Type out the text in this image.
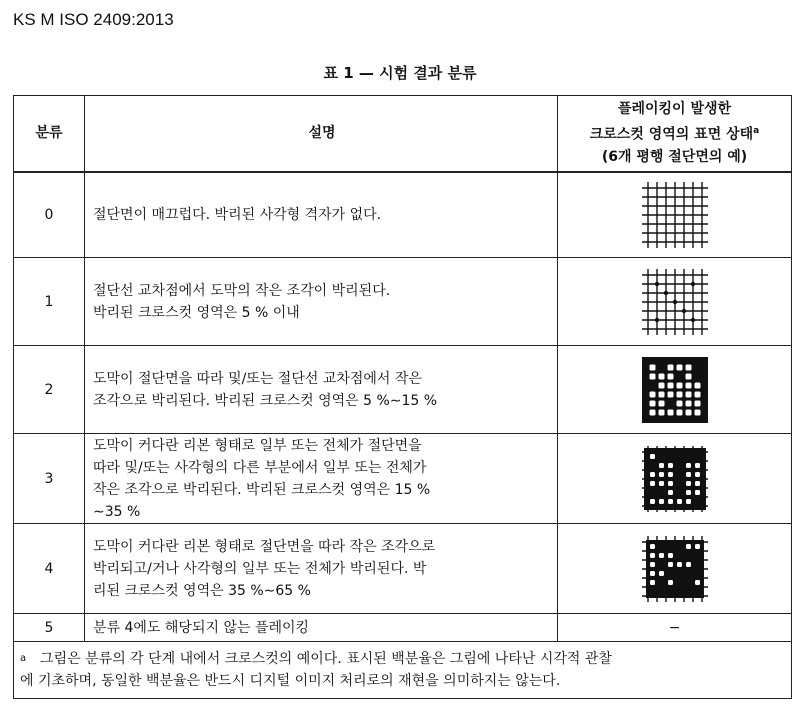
KS M ISO 2409:2013
표 1 — 시험 결과 분류
분류	설명	플레이킹이 발생한
크로스컷 영역의 표면 상태$^a$
(6개 평행 절단면의 예)

0	절단면이 매끄럽다. 박리된 사각형 격자가 없다.

1	절단선 교차점에서 도막의 작은 조각이 박리된다.
박리된 크로스컷 영역은 5 % 이내

2	도막이 절단면을 따라 및/또는 절단선 교차점에서 작은
조각으로 박리된다. 박리된 크로스컷 영역은 5 %∼15 %

3	도막이 커다란 리본 형태로 일부 또는 전체가 절단면을
따라 및/또는 사각형의 다른 부분에서 일부 또는 전체가
작은 조각으로 박리된다. 박리된 크로스컷 영역은 15 %
∼35 %

4	도막이 커다란 리본 형태로 절단면을 따라 작은 조각으로
박리되고/거나 사각형의 일부 또는 전체가 박리된다. 박
리된 크로스컷 영역은 35 %∼65 %

5	분류 4에도 해당되지 않는 플레이킹	−

$^a$ 그림은 분류의 각 단계 내에서 크로스컷의 예이다. 표시된 백분율은 그림에 나타난 시각적 관찰
에 기초하며, 동일한 백분율은 반드시 디지털 이미지 처리로의 재현을 의미하지는 않는다.		
